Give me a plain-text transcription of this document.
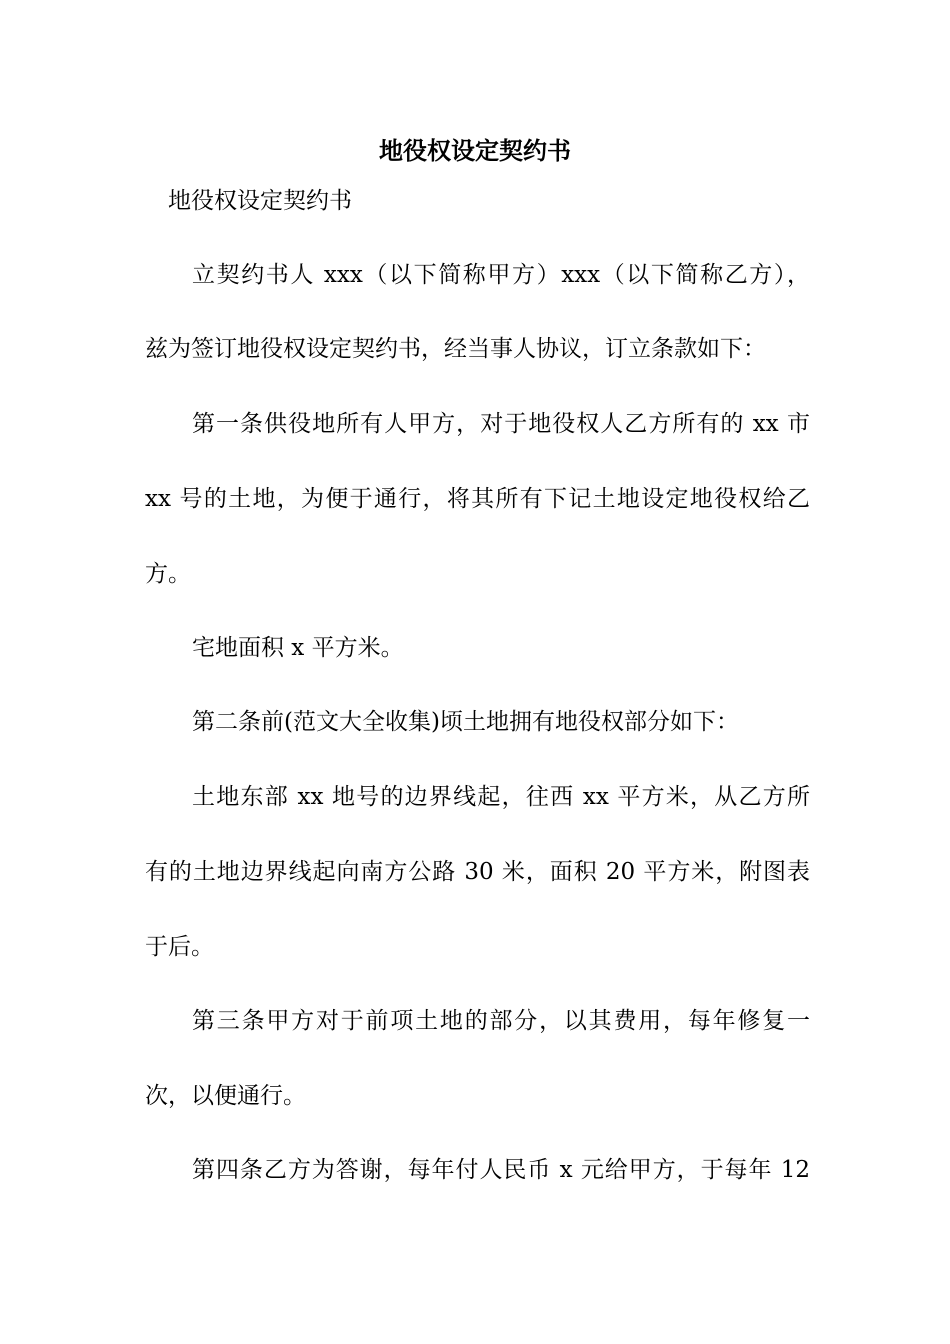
地役权设定契约书

地役权设定契约书

立契约书人 xxx（以下简称甲方）xxx（以下简称乙方），

兹为签订地役权设定契约书，经当事人协议，订立条款如下：

第一条供役地所有人甲方，对于地役权人乙方所有的 xx 市

xx 号的土地，为便于通行，将其所有下记土地设定地役权给乙

方。

宅地面积 x 平方米。

第二条前(范文大全收集)顷土地拥有地役权部分如下：

土地东部 xx 地号的边界线起，往西 xx 平方米，从乙方所

有的土地边界线起向南方公路 30 米，面积 20 平方米，附图表

于后。

第三条甲方对于前项土地的部分，以其费用，每年修复一

次，以便通行。

第四条乙方为答谢，每年付人民币 x 元给甲方，于每年 12
